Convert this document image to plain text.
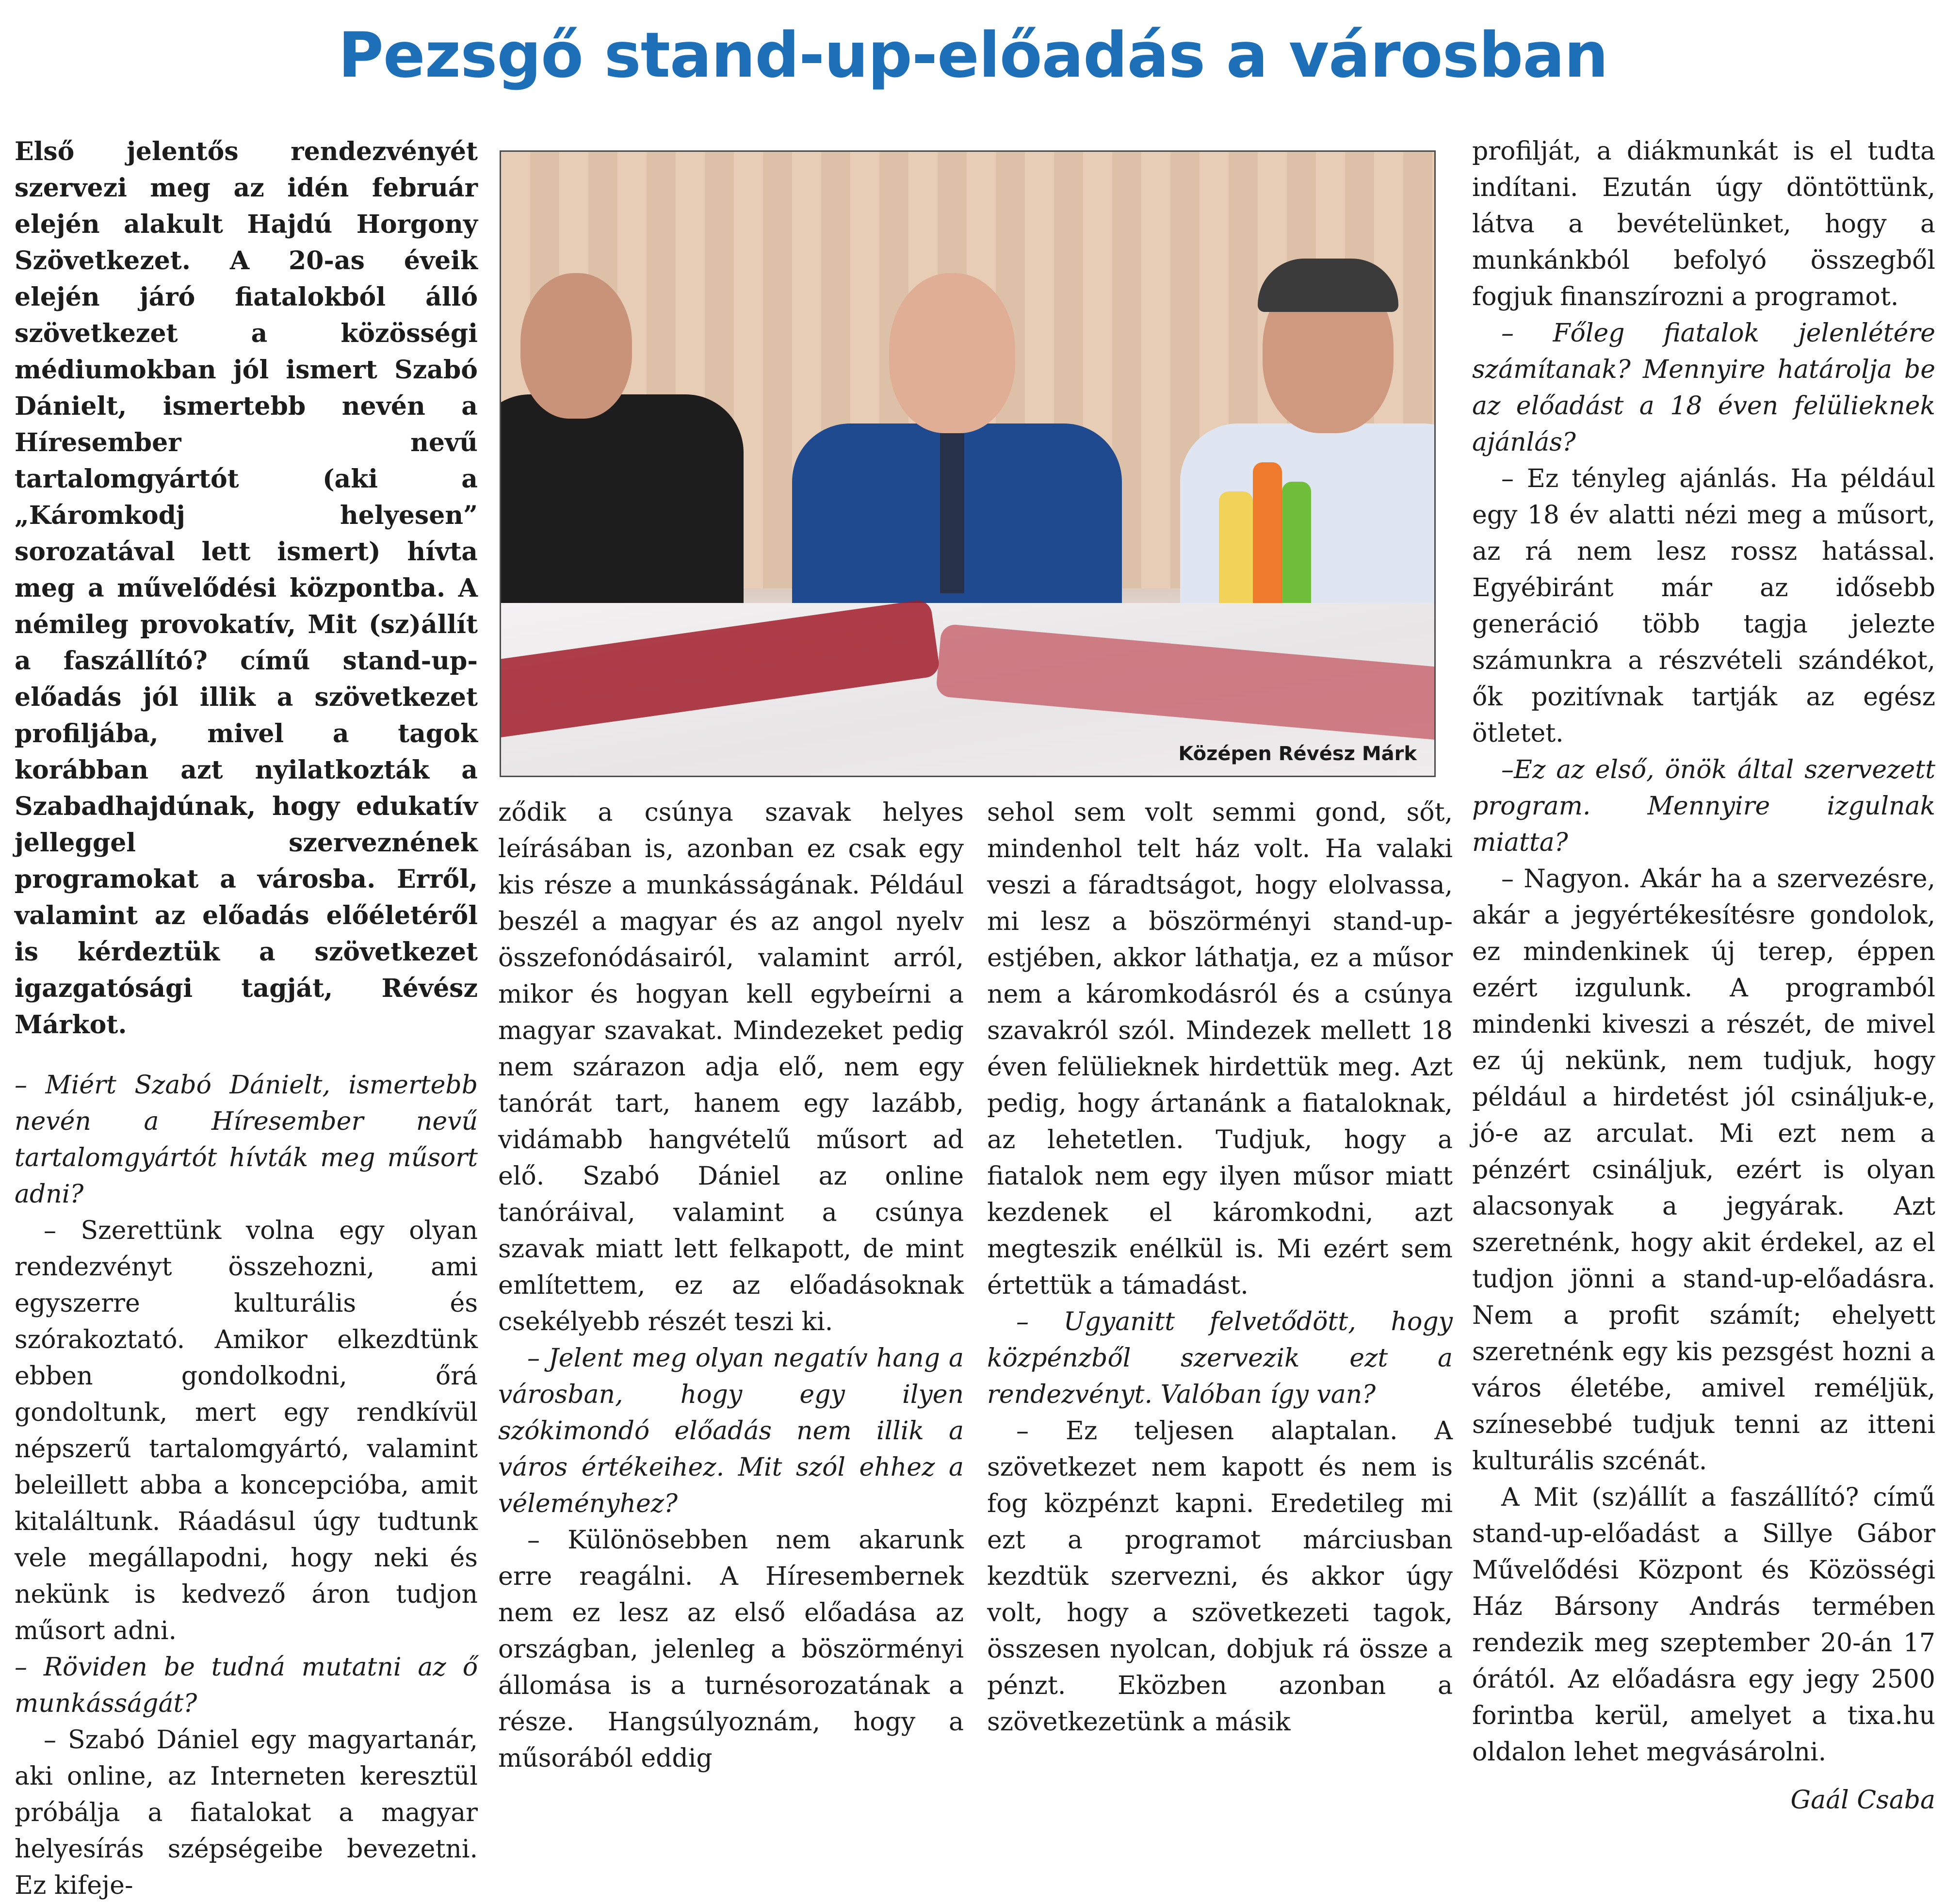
Pezsgő stand-up-előadás a városban

Első jelentős rendezvényét szervezi meg az idén február elején alakult Hajdú Horgony Szövetkezet. A 20-as éveik elején járó fiatalokból álló szövetkezet a közösségi médiumokban jól ismert Szabó Dánielt, ismertebb nevén a Híresember nevű tartalomgyártót (aki a „Káromkodj helyesen” sorozatával lett ismert) hívta meg a művelődési központba. A némileg provokatív, Mit (sz)állít a faszállító? című stand-up-előadás jól illik a szövetkezet profiljába, mivel a tagok korábban azt nyilatkozták a Szabadhajdúnak, hogy edukatív jelleggel szerveznének programokat a városba. Erről, valamint az előadás előéletéről is kérdeztük a szövetkezet igazgatósági tagját, Révész Márkot.

– Miért Szabó Dánielt, ismertebb nevén a Híresember nevű tartalomgyártót hívták meg műsort adni?

– Szerettünk volna egy olyan rendezvényt összehozni, ami egyszerre kulturális és szórakoztató. Amikor elkezdtünk ebben gondolkodni, őrá gondoltunk, mert egy rendkívül népszerű tartalomgyártó, valamint beleillett abba a koncepcióba, amit kitaláltunk. Ráadásul úgy tudtunk vele megállapodni, hogy neki és nekünk is kedvező áron tudjon műsort adni.

– Röviden be tudná mutatni az ő munkásságát?

– Szabó Dániel egy magyartanár, aki online, az Interneten keresztül próbálja a fiatalokat a magyar helyesírás szépségeibe bevezetni. Ez kifeje-

Középen Révész Márk

ződik a csúnya szavak helyes leírásában is, azonban ez csak egy kis része a munkásságának. Például beszél a magyar és az angol nyelv összefonódásairól, valamint arról, mikor és hogyan kell egybeírni a magyar szavakat. Mindezeket pedig nem szárazon adja elő, nem egy tanórát tart, hanem egy lazább, vidámabb hangvételű műsort ad elő. Szabó Dániel az online tanóráival, valamint a csúnya szavak miatt lett felkapott, de mint említettem, ez az előadásoknak csekélyebb részét teszi ki.

– Jelent meg olyan negatív hang a városban, hogy egy ilyen szókimondó előadás nem illik a város értékeihez. Mit szól ehhez a véleményhez?

– Különösebben nem akarunk erre reagálni. A Híresembernek nem ez lesz az első előadása az országban, jelenleg a böszörményi állomása is a turnésorozatának a része. Hangsúlyoznám, hogy a műsorából eddig

sehol sem volt semmi gond, sőt, mindenhol telt ház volt. Ha valaki veszi a fáradtságot, hogy elolvassa, mi lesz a böszörményi stand-up-estjében, akkor láthatja, ez a műsor nem a káromkodásról és a csúnya szavakról szól. Mindezek mellett 18 éven felülieknek hirdettük meg. Azt pedig, hogy ártanánk a fiataloknak, az lehetetlen. Tudjuk, hogy a fiatalok nem egy ilyen műsor miatt kezdenek el káromkodni, azt megteszik enélkül is. Mi ezért sem értettük a támadást.

– Ugyanitt felvetődött, hogy közpénzből szervezik ezt a rendezvényt. Valóban így van?

– Ez teljesen alaptalan. A szövetkezet nem kapott és nem is fog közpénzt kapni. Eredetileg mi ezt a programot márciusban kezdtük szervezni, és akkor úgy volt, hogy a szövetkezeti tagok, összesen nyolcan, dobjuk rá össze a pénzt. Eközben azonban a szövetkezetünk a másik

profilját, a diákmunkát is el tudta indítani. Ezután úgy döntöttünk, látva a bevételünket, hogy a munkánkból befolyó összegből fogjuk finanszírozni a programot.

– Főleg fiatalok jelenlétére számítanak? Mennyire határolja be az előadást a 18 éven felülieknek ajánlás?

– Ez tényleg ajánlás. Ha például egy 18 év alatti nézi meg a műsort, az rá nem lesz rossz hatással. Egyébiránt már az idősebb generáció több tagja jelezte számunkra a részvételi szándékot, ők pozitívnak tartják az egész ötletet.

–Ez az első, önök által szervezett program. Mennyire izgulnak miatta?

– Nagyon. Akár ha a szervezésre, akár a jegyértékesítésre gondolok, ez mindenkinek új terep, éppen ezért izgulunk. A programból mindenki kiveszi a részét, de mivel ez új nekünk, nem tudjuk, hogy például a hirdetést jól csináljuk-e, jó-e az arculat. Mi ezt nem a pénzért csináljuk, ezért is olyan alacsonyak a jegyárak. Azt szeretnénk, hogy akit érdekel, az el tudjon jönni a stand-up-előadásra. Nem a profit számít; ehelyett szeretnénk egy kis pezsgést hozni a város életébe, amivel reméljük, színesebbé tudjuk tenni az itteni kulturális szcénát.

A Mit (sz)állít a faszállító? című stand-up-előadást a Sillye Gábor Művelődési Központ és Közösségi Ház Bársony András termében rendezik meg szeptember 20-án 17 órától. Az előadásra egy jegy 2500 forintba kerül, amelyet a tixa.hu oldalon lehet megvásárolni.

Gaál Csaba
